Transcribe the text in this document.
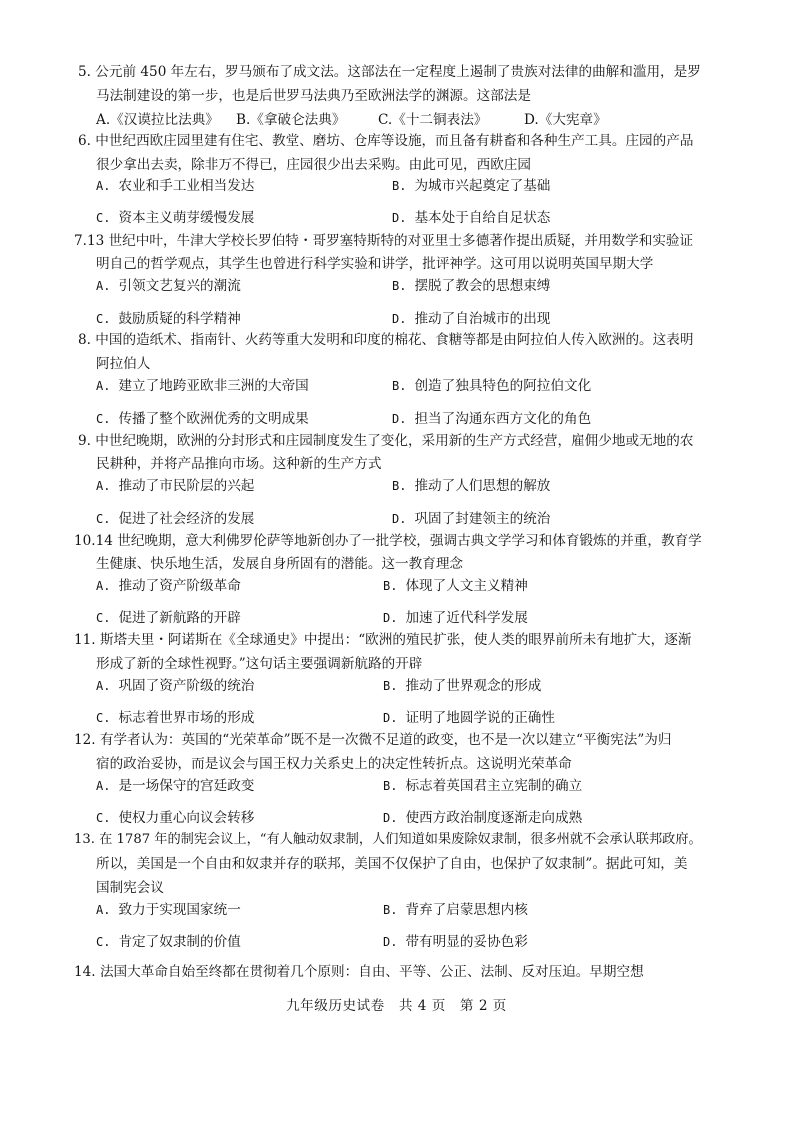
5. 公元前 450 年左右，罗马颁布了成文法。这部法在一定程度上遏制了贵族对法律的曲解和滥用，是罗
马法制建设的第一步，也是后世罗马法典乃至欧洲法学的渊源。这部法是
A.《汉谟拉比法典》 B.《拿破仑法典》 C.《十二铜表法》	D.《大宪章》
6. 中世纪西欧庄园里建有住宅、教堂、磨坊、仓库等设施，而且备有耕畜和各种生产工具。庄园的产品
很少拿出去卖，除非万不得已，庄园很少出去采购。由此可见，西欧庄园
A. 农业和手工业相当发达	B. 为城市兴起奠定了基础
C. 资本主义萌芽缓慢发展	D. 基本处于自给自足状态
7.13 世纪中叶，牛津大学校长罗伯特・哥罗塞特斯特的对亚里士多德著作提出质疑，并用数学和实验证
明自己的哲学观点，其学生也曾进行科学实验和讲学，批评神学。这可用以说明英国早期大学
A. 引领文艺复兴的潮流	B. 摆脱了教会的思想束缚
C. 鼓励质疑的科学精神	D. 推动了自治城市的出现
8. 中国的造纸术、指南针、火药等重大发明和印度的棉花、食糖等都是由阿拉伯人传入欧洲的。这表明
阿拉伯人
A. 建立了地跨亚欧非三洲的大帝国	B. 创造了独具特色的阿拉伯文化
C. 传播了整个欧洲优秀的文明成果	D. 担当了沟通东西方文化的角色
9. 中世纪晚期，欧洲的分封形式和庄园制度发生了变化，采用新的生产方式经营，雇佣少地或无地的农
民耕种，并将产品推向市场。这种新的生产方式
A. 推动了市民阶层的兴起	B. 推动了人们思想的解放
C. 促进了社会经济的发展	D. 巩固了封建领主的统治
10.14 世纪晚期，意大利佛罗伦萨等地新创办了一批学校，强调古典文学学习和体育锻炼的并重，教育学
生健康、快乐地生活，发展自身所固有的潜能。这一教育理念
A. 推动了资产阶级革命	B. 体现了人文主义精神
C. 促进了新航路的开辟	D. 加速了近代科学发展
11. 斯塔夫里・阿诺斯在《全球通史》中提出：“欧洲的殖民扩张，使人类的眼界前所未有地扩大，逐渐
形成了新的全球性视野。”这句话主要强调新航路的开辟
A. 巩固了资产阶级的统治	B. 推动了世界观念的形成
C. 标志着世界市场的形成	D. 证明了地圆学说的正确性
12. 有学者认为：英国的“光荣革命”既不是一次微不足道的政变，也不是一次以建立“平衡宪法”为归
宿的政治妥协，而是议会与国王权力关系史上的决定性转折点。这说明光荣革命
A. 是一场保守的宫廷政变	B. 标志着英国君主立宪制的确立
C. 使权力重心向议会转移	D. 使西方政治制度逐渐走向成熟
13. 在 1787 年的制宪会议上，“有人触动奴隶制，人们知道如果废除奴隶制，很多州就不会承认联邦政府。
所以，美国是一个自由和奴隶并存的联邦，美国不仅保护了自由，也保护了奴隶制”。据此可知，美
国制宪会议
A. 致力于实现国家统一	B. 背弃了启蒙思想内核
C. 肯定了奴隶制的价值	D. 带有明显的妥协色彩
14. 法国大革命自始至终都在贯彻着几个原则：自由、平等、公正、法制、反对压迫。早期空想
九年级历史试卷　共 4 页　第 2 页
